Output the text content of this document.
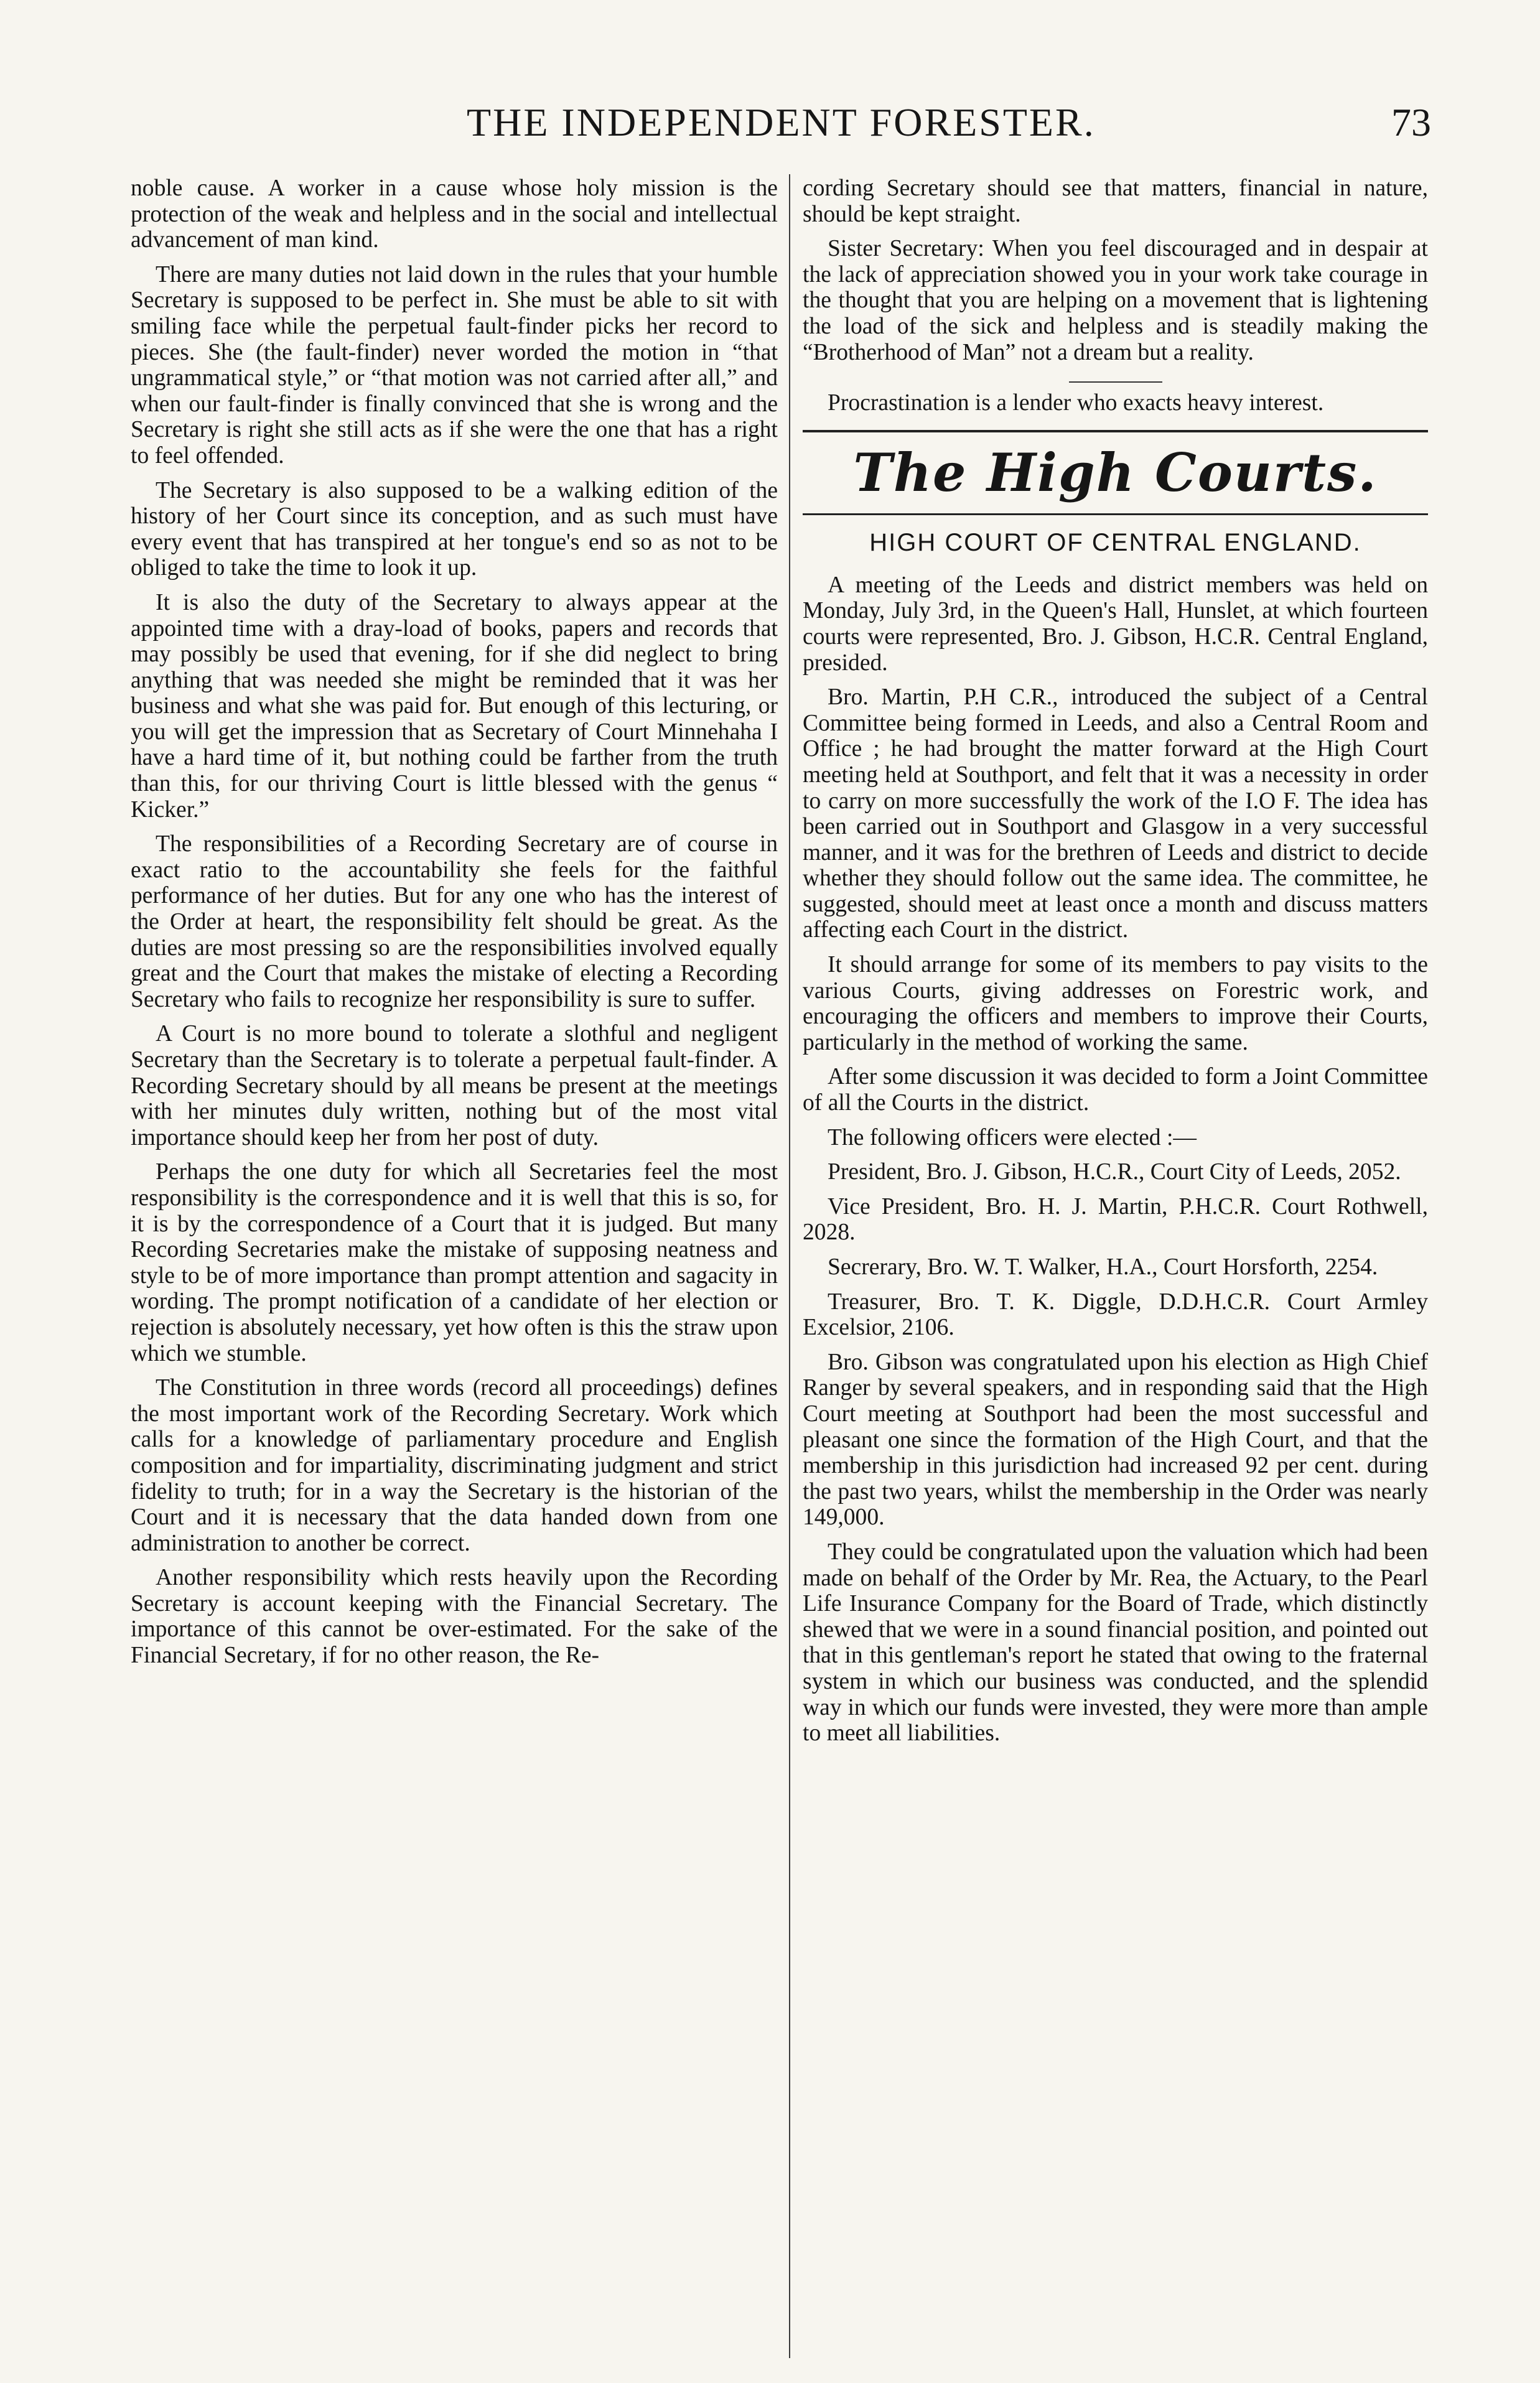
THE INDEPENDENT FORESTER.	73

noble cause. A worker in a cause whose holy mission is the protection of the weak and helpless and in the social and intellectual advancement of man kind.

There are many duties not laid down in the rules that your humble Secretary is supposed to be perfect in. She must be able to sit with smiling face while the perpetual fault-finder picks her record to pieces. She (the fault-finder) never worded the motion in “that ungrammatical style,” or “that motion was not carried after all,” and when our fault-finder is finally convinced that she is wrong and the Secretary is right she still acts as if she were the one that has a right to feel offended.

The Secretary is also supposed to be a walking edition of the history of her Court since its conception, and as such must have every event that has transpired at her tongue's end so as not to be obliged to take the time to look it up.

It is also the duty of the Secretary to always appear at the appointed time with a dray-load of books, papers and records that may possibly be used that evening, for if she did neglect to bring anything that was needed she might be reminded that it was her business and what she was paid for. But enough of this lecturing, or you will get the impression that as Secretary of Court Minnehaha I have a hard time of it, but nothing could be farther from the truth than this, for our thriving Court is little blessed with the genus “ Kicker.”

The responsibilities of a Recording Secretary are of course in exact ratio to the accountability she feels for the faithful performance of her duties. But for any one who has the interest of the Order at heart, the responsibility felt should be great. As the duties are most pressing so are the responsibilities involved equally great and the Court that makes the mistake of electing a Recording Secretary who fails to recognize her responsibility is sure to suffer.

A Court is no more bound to tolerate a slothful and negligent Secretary than the Secretary is to tolerate a perpetual fault-finder. A Recording Secretary should by all means be present at the meetings with her minutes duly written, nothing but of the most vital importance should keep her from her post of duty.

Perhaps the one duty for which all Secretaries feel the most responsibility is the correspondence and it is well that this is so, for it is by the correspondence of a Court that it is judged. But many Recording Secretaries make the mistake of supposing neatness and style to be of more importance than prompt attention and sagacity in wording. The prompt notification of a candidate of her election or rejection is absolutely necessary, yet how often is this the straw upon which we stumble.

The Constitution in three words (record all proceedings) defines the most important work of the Recording Secretary. Work which calls for a knowledge of parliamentary procedure and English composition and for impartiality, discriminating judgment and strict fidelity to truth; for in a way the Secretary is the historian of the Court and it is necessary that the data handed down from one administration to another be correct.

Another responsibility which rests heavily upon the Recording Secretary is account keeping with the Financial Secretary. The importance of this cannot be over-estimated. For the sake of the Financial Secretary, if for no other reason, the Re-

cording Secretary should see that matters, financial in nature, should be kept straight.

Sister Secretary: When you feel discouraged and in despair at the lack of appreciation showed you in your work take courage in the thought that you are helping on a movement that is lightening the load of the sick and helpless and is steadily making the “Brotherhood of Man” not a dream but a reality.

Procrastination is a lender who exacts heavy interest.

The High Courts.
HIGH COURT OF CENTRAL ENGLAND.

A meeting of the Leeds and district members was held on Monday, July 3rd, in the Queen's Hall, Hunslet, at which fourteen courts were represented, Bro. J. Gibson, H.C.R. Central England, presided.

Bro. Martin, P.H C.R., introduced the subject of a Central Committee being formed in Leeds, and also a Central Room and Office ; he had brought the matter forward at the High Court meeting held at Southport, and felt that it was a necessity in order to carry on more successfully the work of the I.O F. The idea has been carried out in Southport and Glasgow in a very successful manner, and it was for the brethren of Leeds and district to decide whether they should follow out the same idea. The committee, he suggested, should meet at least once a month and discuss matters affecting each Court in the district.

It should arrange for some of its members to pay visits to the various Courts, giving addresses on Forestric work, and encouraging the officers and members to improve their Courts, particularly in the method of working the same.

After some discussion it was decided to form a Joint Committee of all the Courts in the district.

The following officers were elected :—

President, Bro. J. Gibson, H.C.R., Court City of Leeds, 2052.

Vice President, Bro. H. J. Martin, P.H.C.R. Court Rothwell, 2028.

Secrerary, Bro. W. T. Walker, H.A., Court Horsforth, 2254.

Treasurer, Bro. T. K. Diggle, D.D.H.C.R. Court Armley Excelsior, 2106.

Bro. Gibson was congratulated upon his election as High Chief Ranger by several speakers, and in responding said that the High Court meeting at Southport had been the most successful and pleasant one since the formation of the High Court, and that the membership in this jurisdiction had increased 92 per cent. during the past two years, whilst the membership in the Order was nearly 149,000.

They could be congratulated upon the valuation which had been made on behalf of the Order by Mr. Rea, the Actuary, to the Pearl Life Insurance Company for the Board of Trade, which distinctly shewed that we were in a sound financial position, and pointed out that in this gentleman's report he stated that owing to the fraternal system in which our business was conducted, and the splendid way in which our funds were invested, they were more than ample to meet all liabilities.
